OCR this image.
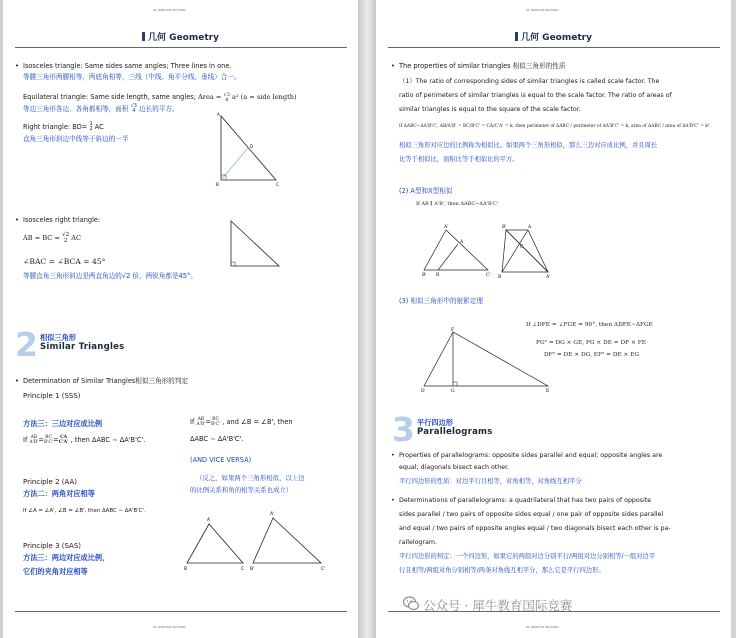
00- 00000 000 000 00000
几何 Geometry
• Isosceles triangle: Same sides same angles; Three lines in one.
等腰三角形两腰相等，两底角相等，三线（中线、角平分线、垂线）合一。
Equilateral triangle: Same side length, same angles; Area = √3
4 a² (a = side length)
等边三角形各边、各角都相等，面积 √3
4 边长的平方。
Right triangle: BD= 1
2 AC
直角三角形斜边中线等于斜边的一半
A
D
B	C
• Isosceles right triangle:
AB = BC = √2
2 AC
∠BAC = ∠BCA = 45°
等腰直角三角形斜边是两直角边的√2 倍，两锐角都是45°。
2 相似三角形
Similar Triangles
• Determination of Similar Triangles相似三角形的判定
Principle 1 (SSS)
方法三：三边对应成比例
If AB
A'B'=BC
B'C'=CA
C'A' , then ΔABC ∼ ΔA'B'C'.
If AB
A'B'=BC
B'C' , and ∠B = ∠B', then
ΔABC ∼ ΔA'B'C'.
(AND VICE VERSA)
（反之，如果两个三角形相似，以上边
的比例关系和角的相等关系也成立）
Principle 2 (AA)
方法二：两角对应相等
If ∠A = ∠A', ∠B = ∠B', then ΔABC ∼ ΔA'B'C'.
Principle 3 (SAS)
方法三：两边对应成比例，
它们的夹角对应相等
A
B	C
A'
B'	C'
00- 00000 000 000 00000
00- 00000 000 000 00000
几何 Geometry
• The properties of similar triangles 相似三角形的性质
（1）The ratio of corresponding sides of similar triangles is called scale factor. The
ratio of perimeters of similar triangles is equal to the scale factor. The ratio of areas of
similar triangles is equal to the square of the scale factor.
If ΔABC∼ΔA'B'C', AB/A'B' = BC/B'C' = CA/C'A' = k, then perimeter of ΔABC / perimeter of ΔA'B'C' = k, area of ΔABC / area of ΔA'B'C' = k²
相似三角形对应边的比例称为相似比。如果两个三角形相似，那么三边对应成比例，并且周长
比等于相似比，面积比等于相似比的平方。
(2) A型和X型相似
If AB ∥ A'B', then ΔABC∼ΔA'B'C'
A'
A
B' B	C'
B'	A
C
B	A'
(3) 相似三角形中的射影定理
F
D	G	E
If ∠DFE = ∠FGE = 90°, then ΔDFE∼ΔFGE
FG² = DG × GE, FG × DE = DF × FE
DF² = DE × DG, EF² = DE × EG
3 平行四边形
Parallelograms
• Properties of parallelograms: opposite sides parallel and equal; opposite angles are
equal; diagonals bisect each other.
平行四边形的性质：对边平行且相等，对角相等，对角线互相平分
• Determinations of parallelograms: a quadrilateral that has two pairs of opposite
sides parallel / two pairs of opposite sides equal / one pair of opposite sides parallel
and equal / two pairs of opposite angles equal / two diagonals bisect each other is pa-
rallelogram.
平行四边形的判定：一个四边形，如果它的两组对边分别平行/两组对边分别相等/一组对边平
行且相等/两组对角分别相等/两条对角线互相平分，那么它是平行四边形。
00- 00000 000 000 00000
公众号 · 犀牛教育国际竞赛
